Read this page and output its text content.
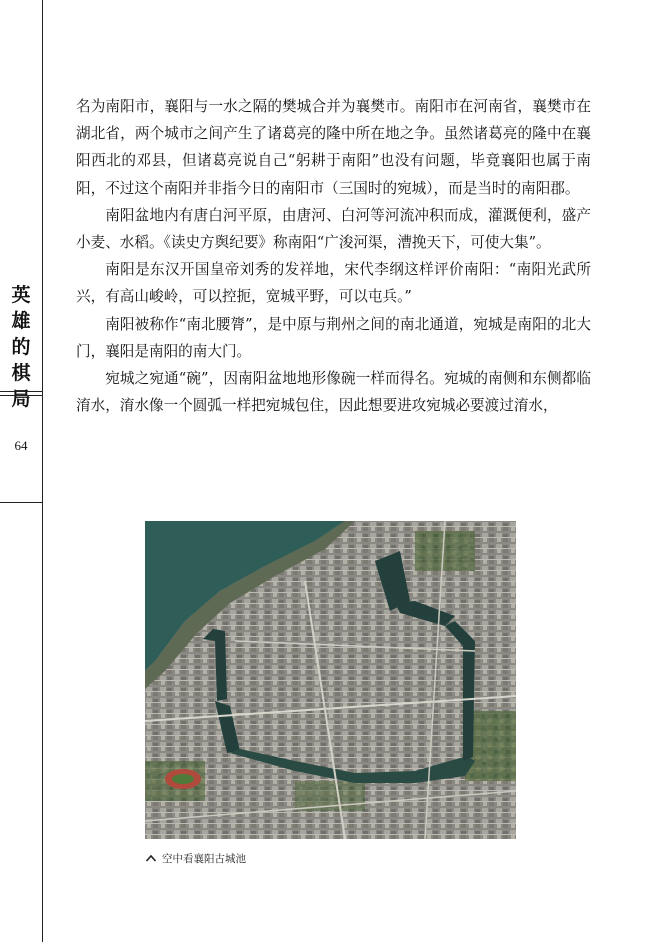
英
雄
的
棋
局
64

名为南阳市，襄阳与一水之隔的樊城合并为襄樊市。南阳市在河南省，襄樊市在湖北省，两个城市之间产生了诸葛亮的隆中所在地之争。虽然诸葛亮的隆中在襄阳西北的邓县，但诸葛亮说自己“躬耕于南阳”也没有问题，毕竟襄阳也属于南阳，不过这个南阳并非指今日的南阳市（三国时的宛城），而是当时的南阳郡。

南阳盆地内有唐白河平原，由唐河、白河等河流冲积而成，灌溉便利，盛产小麦、水稻。《读史方舆纪要》称南阳“广浚河渠，漕挽天下，可使大集”。

南阳是东汉开国皇帝刘秀的发祥地，宋代李纲这样评价南阳：“南阳光武所兴，有高山峻岭，可以控扼，宽城平野，可以屯兵。”

南阳被称作“南北腰膂”，是中原与荆州之间的南北通道，宛城是南阳的北大门，襄阳是南阳的南大门。

宛城之宛通“碗”，因南阳盆地地形像碗一样而得名。宛城的南侧和东侧都临淯水，淯水像一个圆弧一样把宛城包住，因此想要进攻宛城必要渡过淯水，

空中看襄阳古城池
